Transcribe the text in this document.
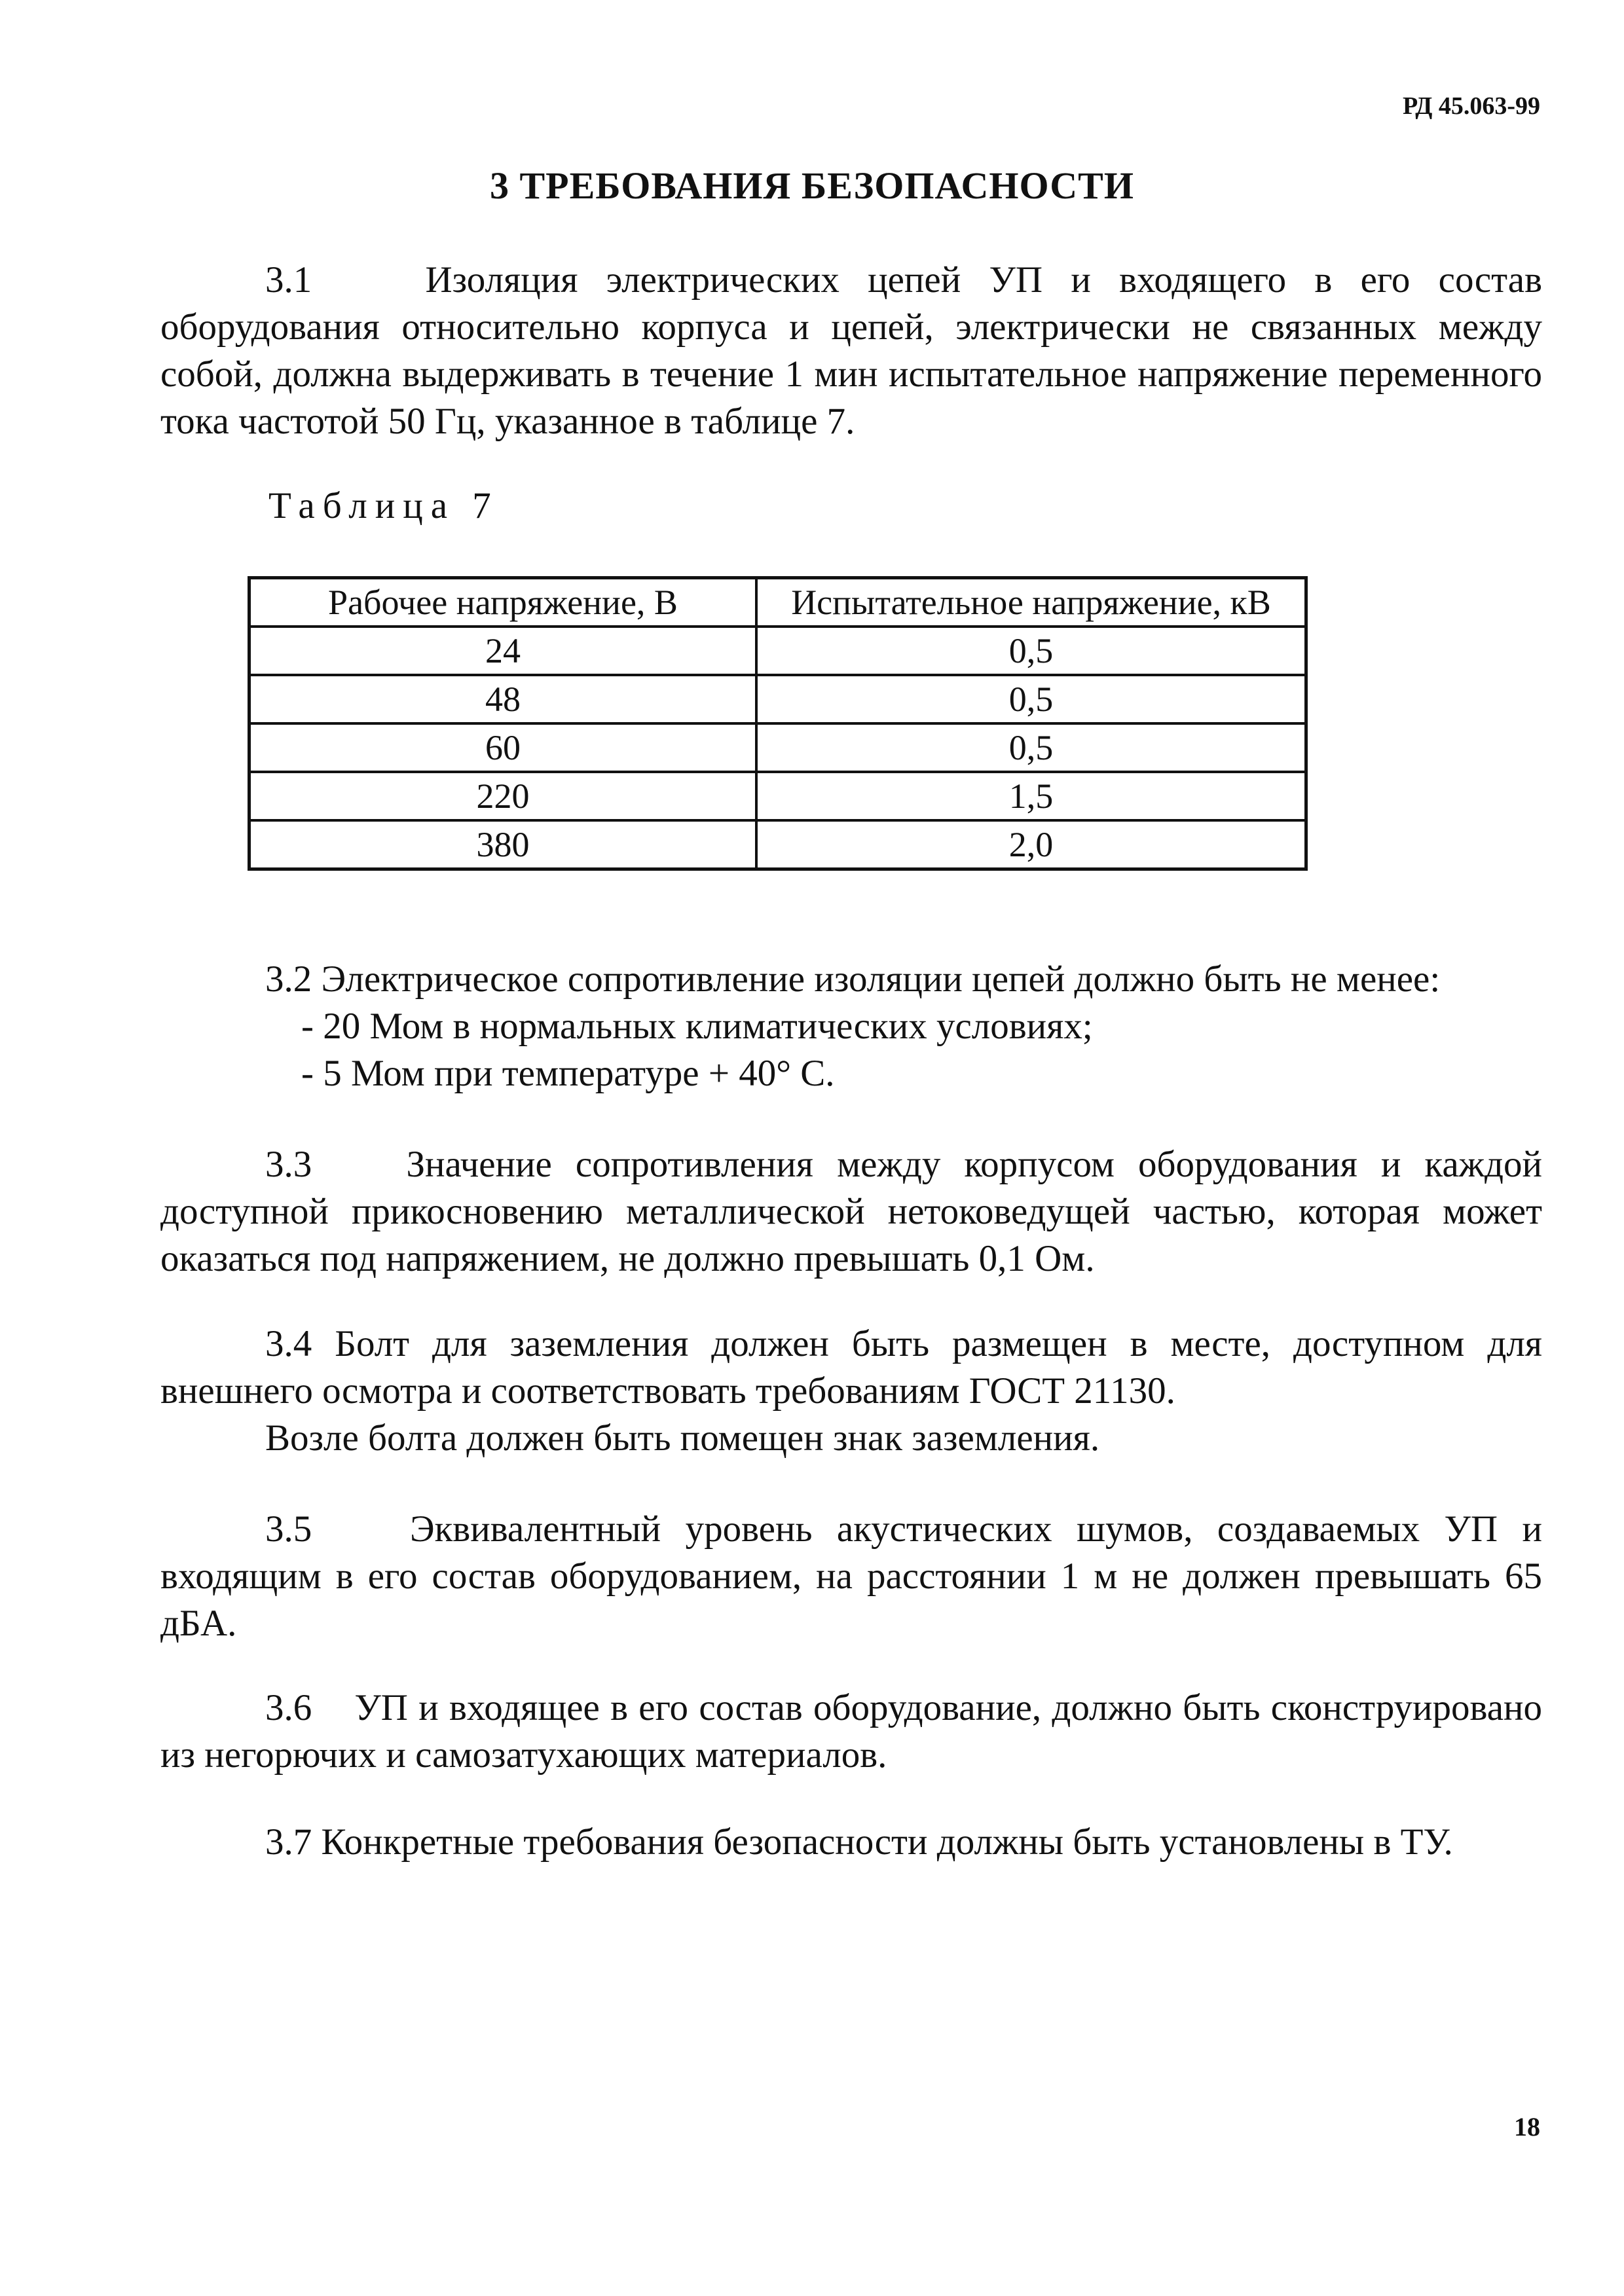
РД 45.063-99
3 ТРЕБОВАНИЯ БЕЗОПАСНОСТИ
3.1	Изоляция электрических цепей УП и входящего в его состав оборудования относительно корпуса и цепей, электрически не связанных между собой, должна выдерживать в течение 1 мин испытательное напряжение переменного тока частотой 50 Гц, указанное в таблице 7.
Таблица 7
Рабочее напряжение, В	Испытательное напряжение, кВ
24	0,5
48	0,5
60	0,5
220	1,5
380	2,0
3.2 Электрическое сопротивление изоляции цепей должно быть не менее:
- 20 Мом в нормальных климатических условиях;
- 5 Мом при температуре + 40° С.
3.3	Значение сопротивления между корпусом оборудования и каждой доступной прикосновению металлической нетоковедущей частью, которая может оказаться под напряжением, не должно превышать 0,1 Ом.
3.4 Болт для заземления должен быть размещен в месте, доступном для внешнего осмотра и соответствовать требованиям ГОСТ 21130.
Возле болта должен быть помещен знак заземления.
3.5	Эквивалентный уровень акустических шумов, создаваемых УП и входящим в его состав оборудованием, на расстоянии 1 м не должен превышать 65 дБА.
3.6 УП и входящее в его состав оборудование, должно быть сконструировано из негорючих и самозатухающих материалов.
3.7 Конкретные требования безопасности должны быть установлены в ТУ.
18
